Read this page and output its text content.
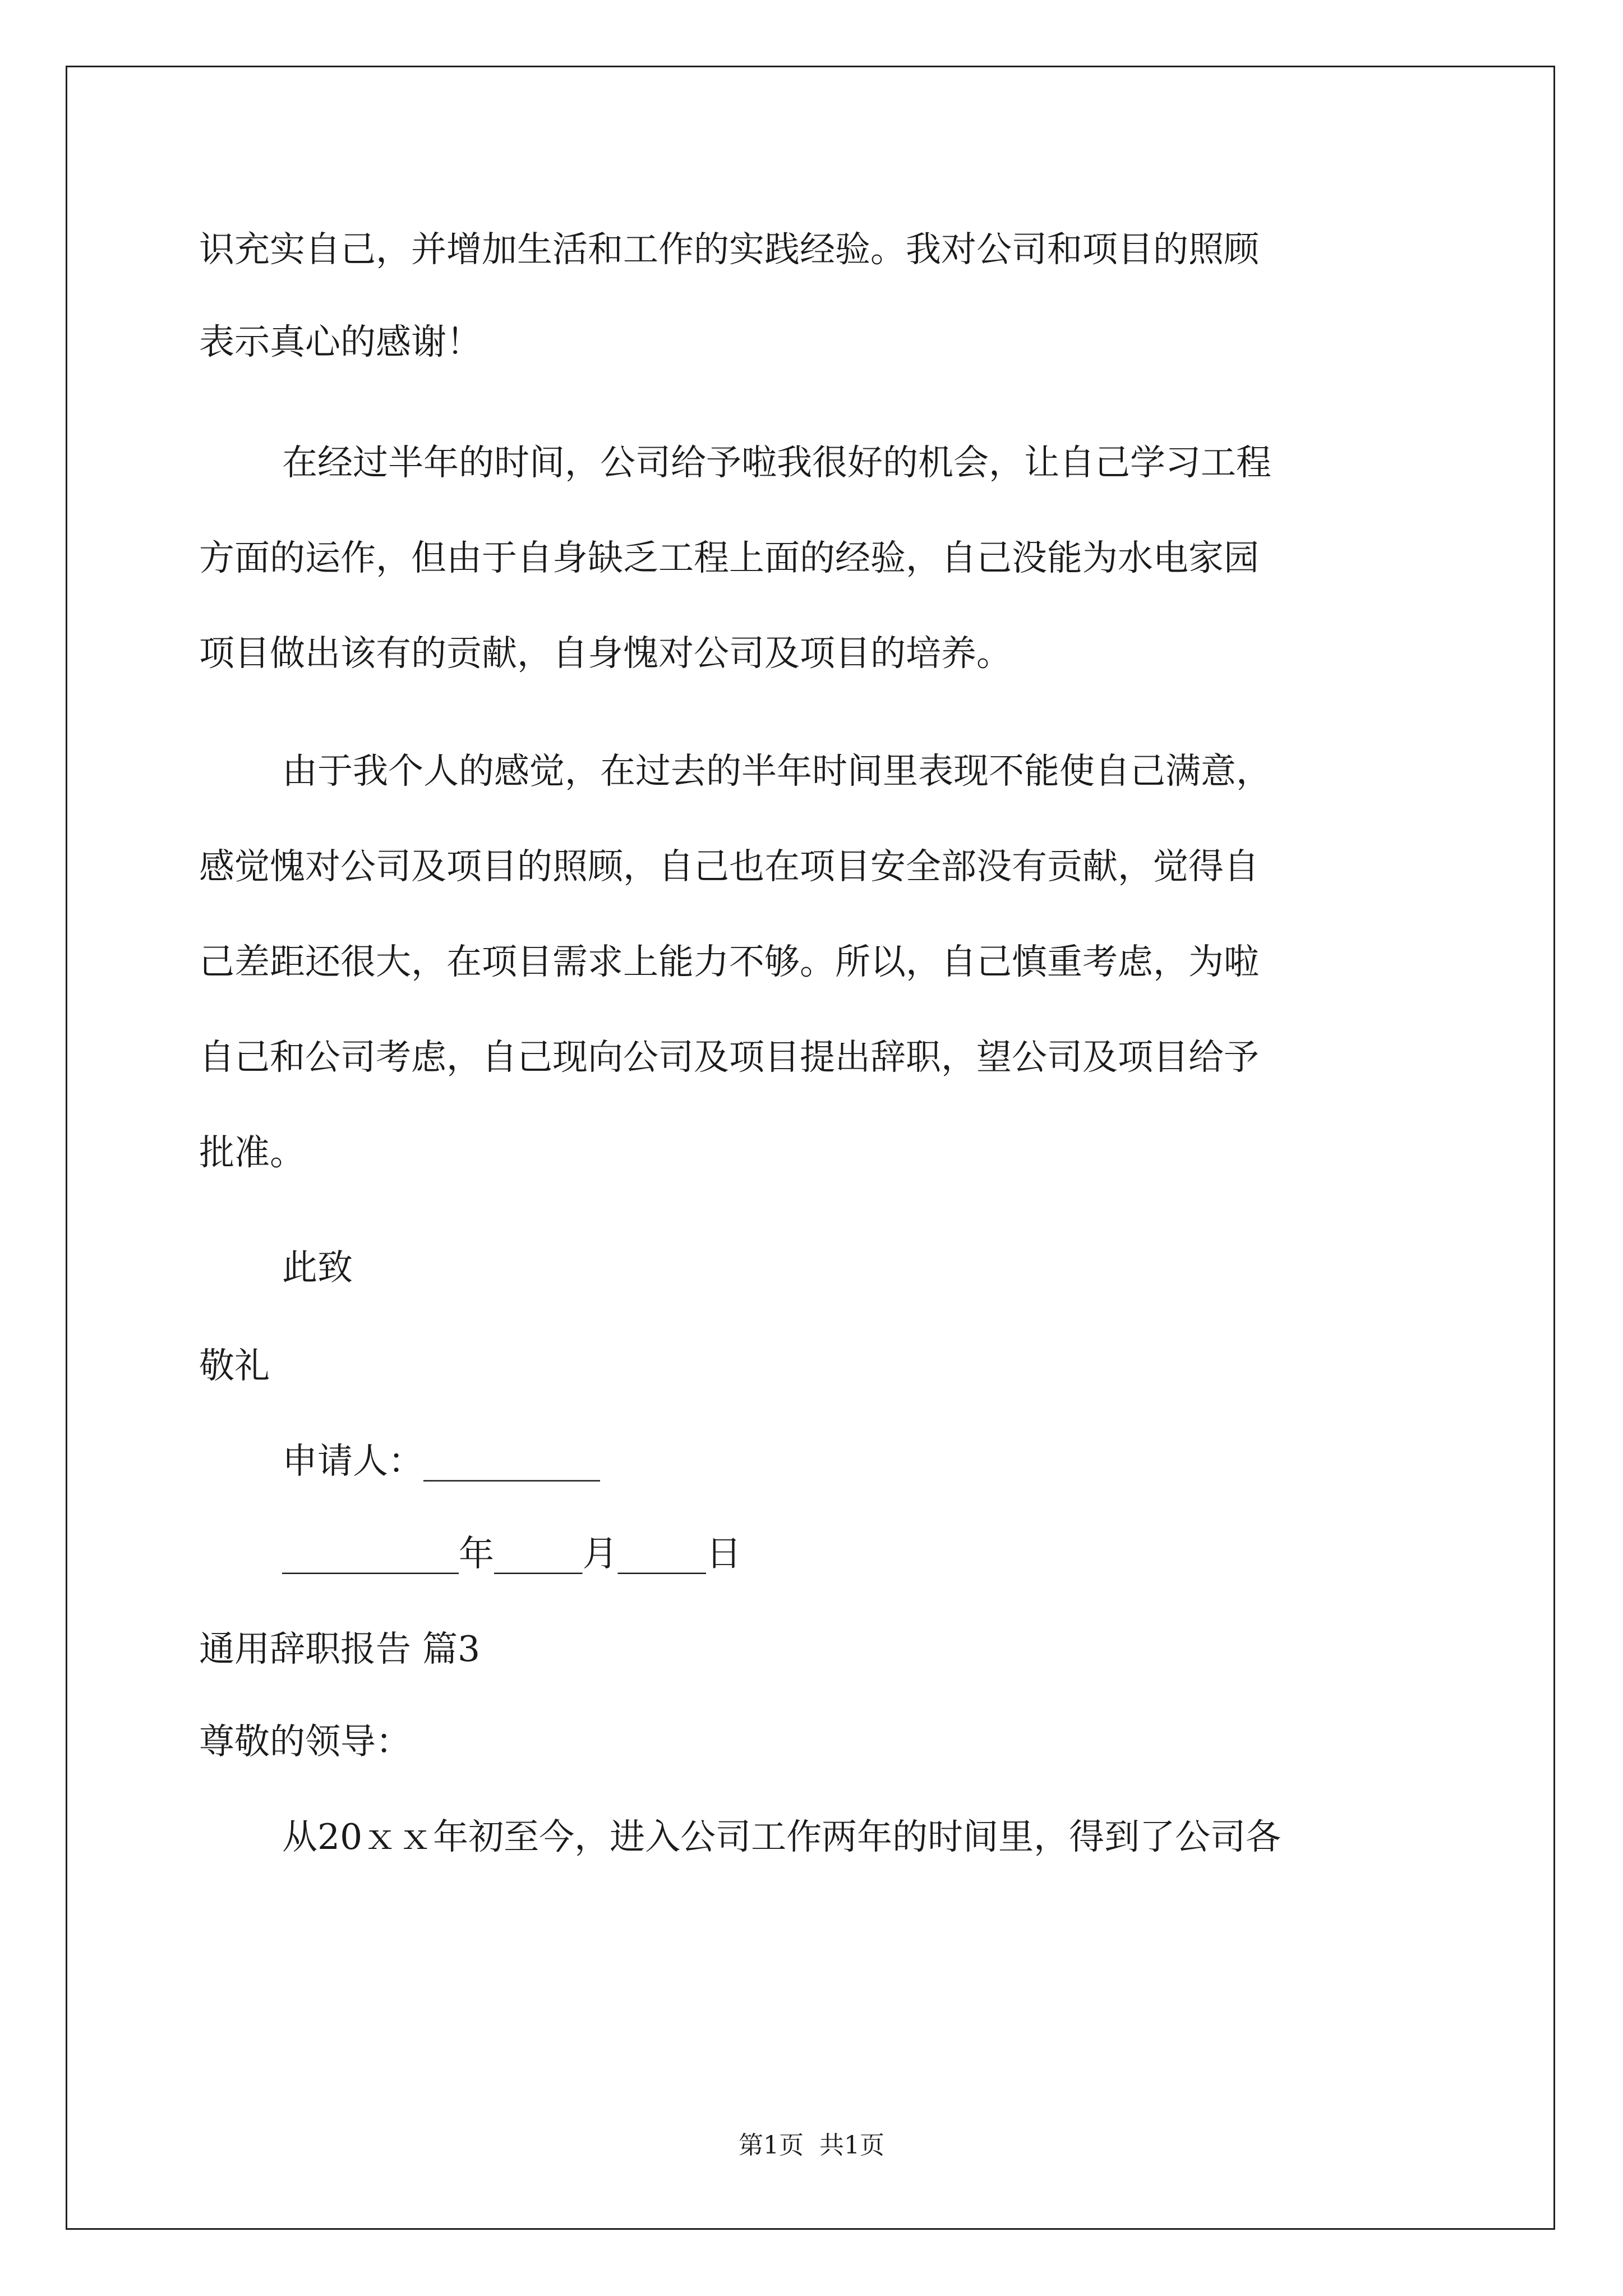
识充实自己，并增加生活和工作的实践经验。我对公司和项目的照顾
表示真心的感谢！
在经过半年的时间，公司给予啦我很好的机会，让自己学习工程
方面的运作，但由于自身缺乏工程上面的经验，自己没能为水电家园
项目做出该有的贡献，自身愧对公司及项目的培养。
由于我个人的感觉，在过去的半年时间里表现不能使自己满意，
感觉愧对公司及项目的照顾，自己也在项目安全部没有贡献，觉得自
己差距还很大，在项目需求上能力不够。所以，自己慎重考虑，为啦
自己和公司考虑，自己现向公司及项目提出辞职，望公司及项目给予
批准。
此致
敬礼
申请人：__________
__________年_____月_____日
通用辞职报告 篇3
尊敬的领导：
从20ｘｘ年初至今，进入公司工作两年的时间里，得到了公司各
第1页  共1页
